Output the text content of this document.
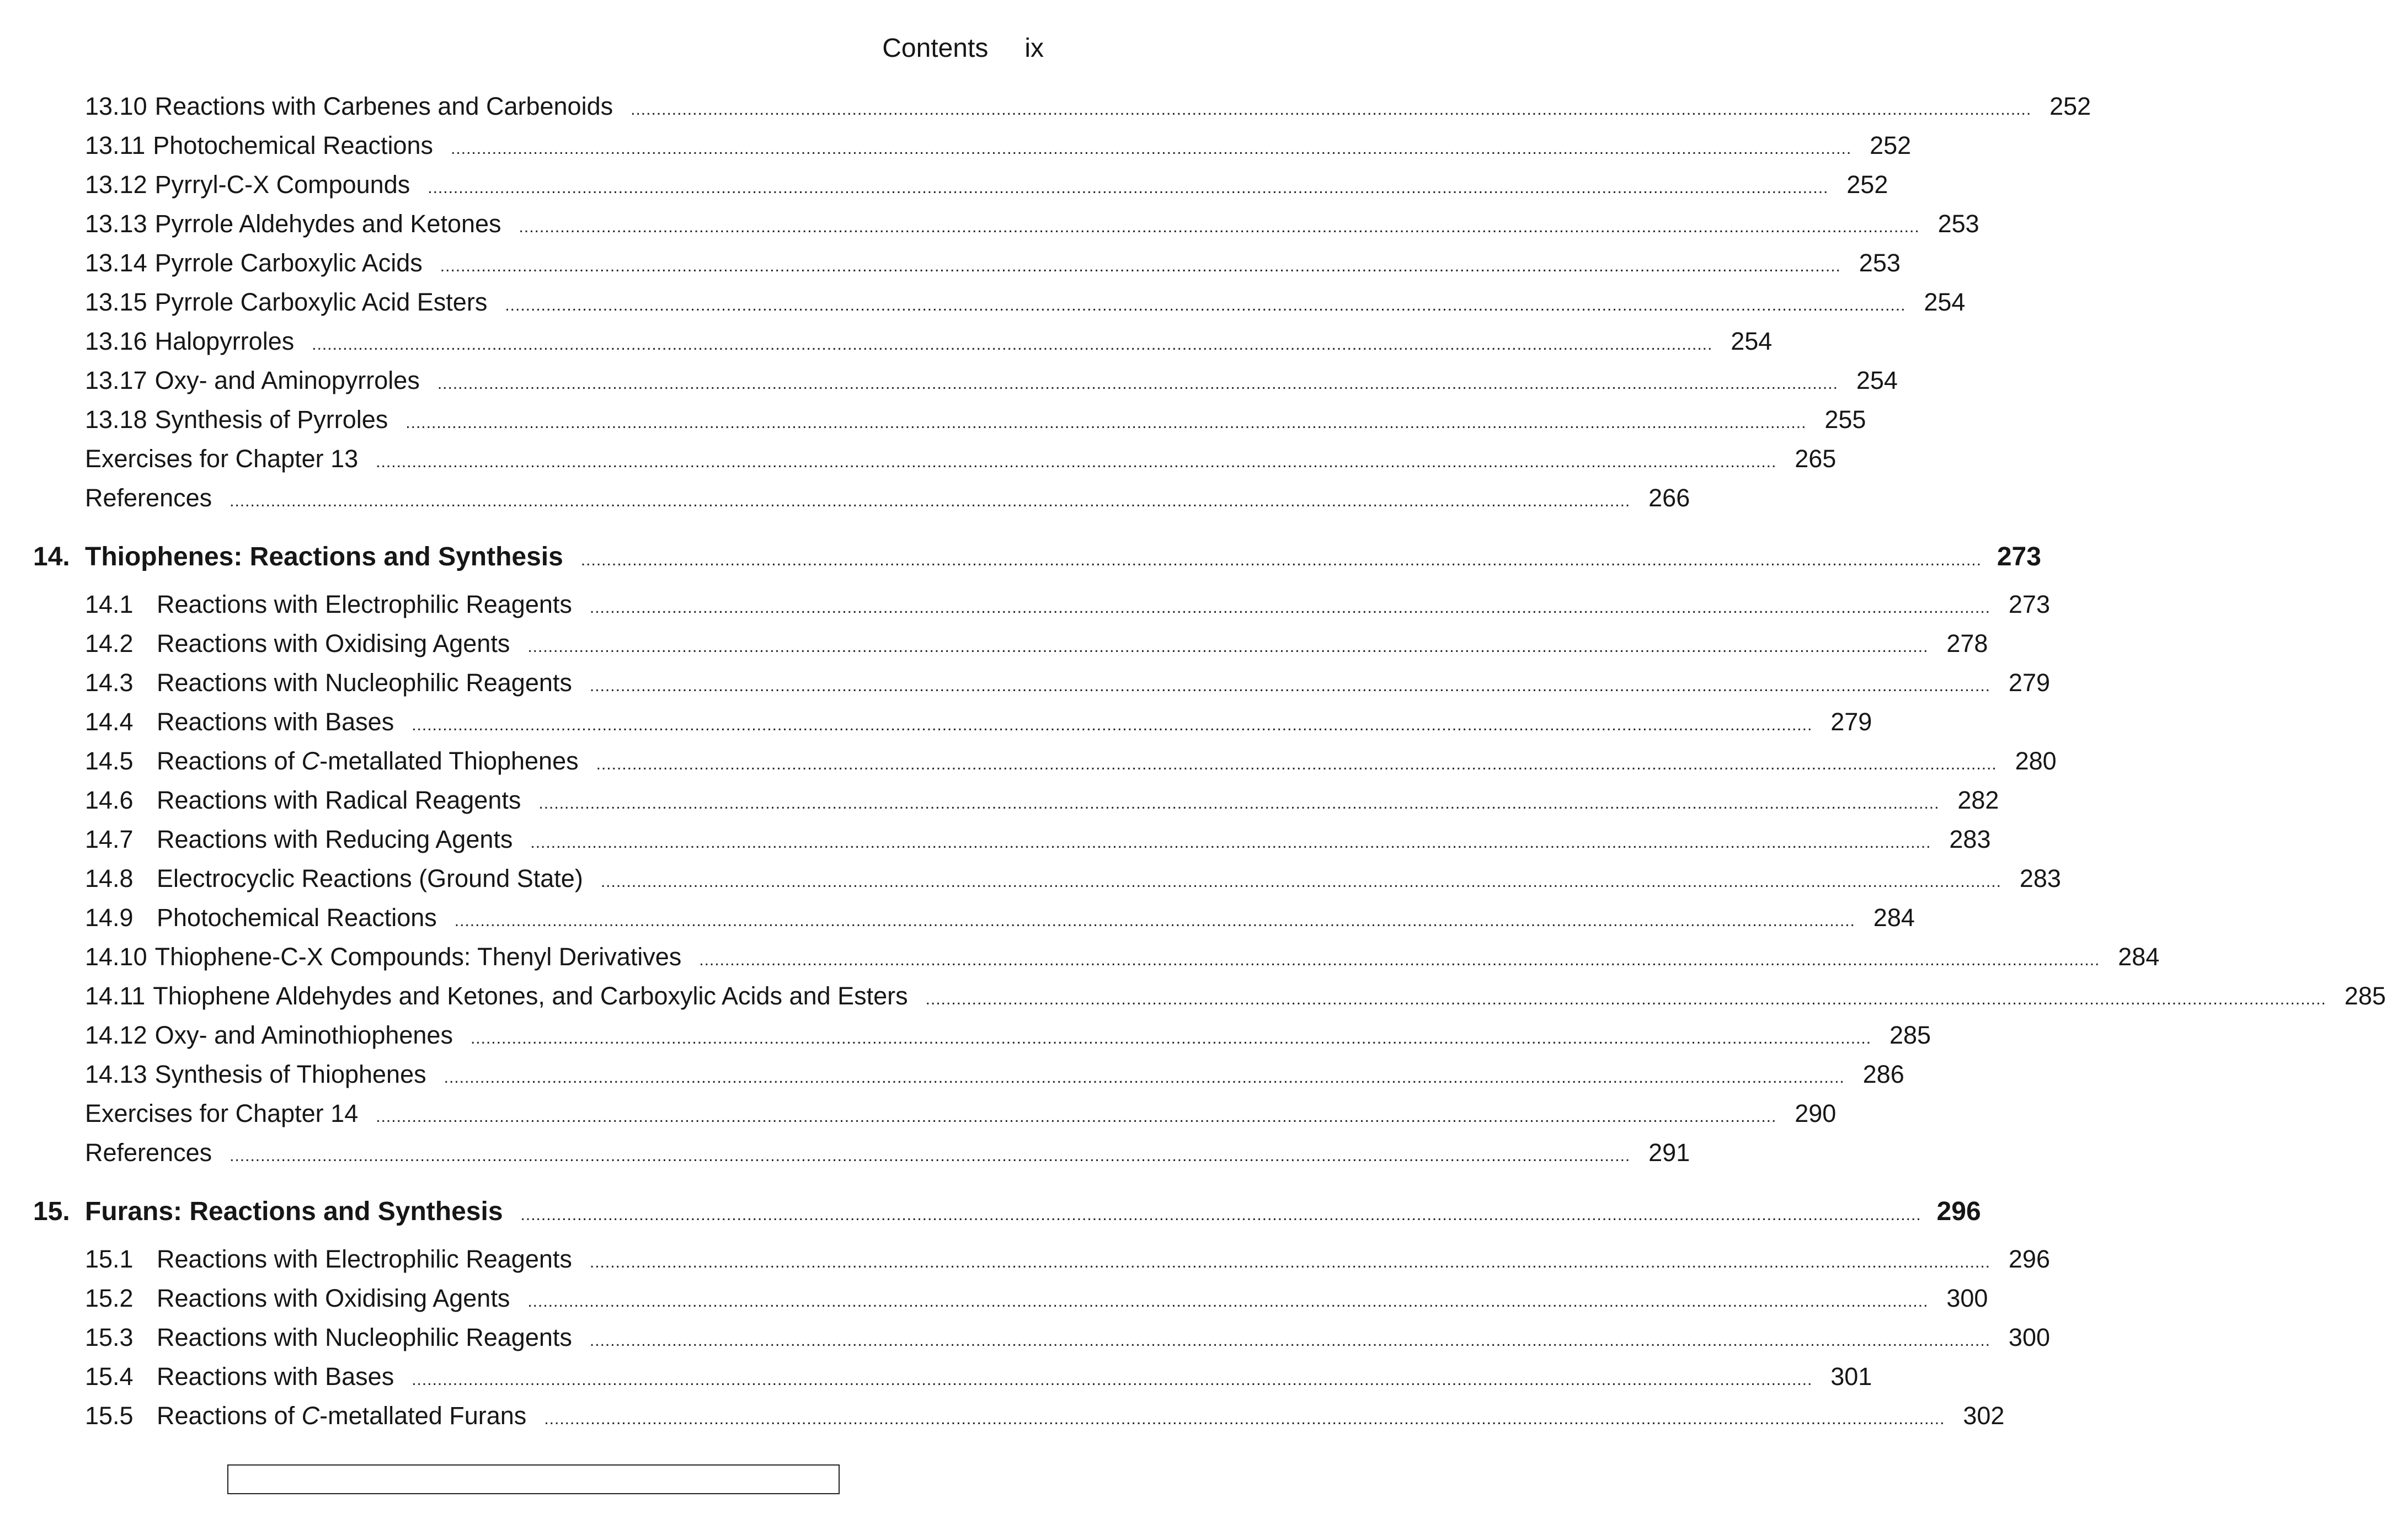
Contents ix
13.10 Reactions with Carbenes and Carbenoids ................................................................................................................................................................................................................................................................................ 252
13.11 Photochemical Reactions ................................................................................................................................................................................................................................................................................ 252
13.12 Pyrryl-C-X Compounds ................................................................................................................................................................................................................................................................................ 252
13.13 Pyrrole Aldehydes and Ketones ................................................................................................................................................................................................................................................................................ 253
13.14 Pyrrole Carboxylic Acids ................................................................................................................................................................................................................................................................................ 253
13.15 Pyrrole Carboxylic Acid Esters ................................................................................................................................................................................................................................................................................ 254
13.16 Halopyrroles ................................................................................................................................................................................................................................................................................ 254
13.17 Oxy- and Aminopyrroles ................................................................................................................................................................................................................................................................................ 254
13.18 Synthesis of Pyrroles ................................................................................................................................................................................................................................................................................ 255
Exercises for Chapter 13 ................................................................................................................................................................................................................................................................................ 265
References ................................................................................................................................................................................................................................................................................ 266
14. Thiophenes: Reactions and Synthesis ................................................................................................................................................................................................................................................................................ 273
14.1 Reactions with Electrophilic Reagents ................................................................................................................................................................................................................................................................................ 273
14.2 Reactions with Oxidising Agents ................................................................................................................................................................................................................................................................................ 278
14.3 Reactions with Nucleophilic Reagents ................................................................................................................................................................................................................................................................................ 279
14.4 Reactions with Bases ................................................................................................................................................................................................................................................................................ 279
14.5 Reactions of C-metallated Thiophenes ................................................................................................................................................................................................................................................................................ 280
14.6 Reactions with Radical Reagents ................................................................................................................................................................................................................................................................................ 282
14.7 Reactions with Reducing Agents ................................................................................................................................................................................................................................................................................ 283
14.8 Electrocyclic Reactions (Ground State) ................................................................................................................................................................................................................................................................................ 283
14.9 Photochemical Reactions ................................................................................................................................................................................................................................................................................ 284
14.10 Thiophene-C-X Compounds: Thenyl Derivatives ................................................................................................................................................................................................................................................................................ 284
14.11 Thiophene Aldehydes and Ketones, and Carboxylic Acids and Esters ................................................................................................................................................................................................................................................................................ 285
14.12 Oxy- and Aminothiophenes ................................................................................................................................................................................................................................................................................ 285
14.13 Synthesis of Thiophenes ................................................................................................................................................................................................................................................................................ 286
Exercises for Chapter 14 ................................................................................................................................................................................................................................................................................ 290
References ................................................................................................................................................................................................................................................................................ 291
15. Furans: Reactions and Synthesis ................................................................................................................................................................................................................................................................................ 296
15.1 Reactions with Electrophilic Reagents ................................................................................................................................................................................................................................................................................ 296
15.2 Reactions with Oxidising Agents ................................................................................................................................................................................................................................................................................ 300
15.3 Reactions with Nucleophilic Reagents ................................................................................................................................................................................................................................................................................ 300
15.4 Reactions with Bases ................................................................................................................................................................................................................................................................................ 301
15.5 Reactions of C-metallated Furans ................................................................................................................................................................................................................................................................................ 302
